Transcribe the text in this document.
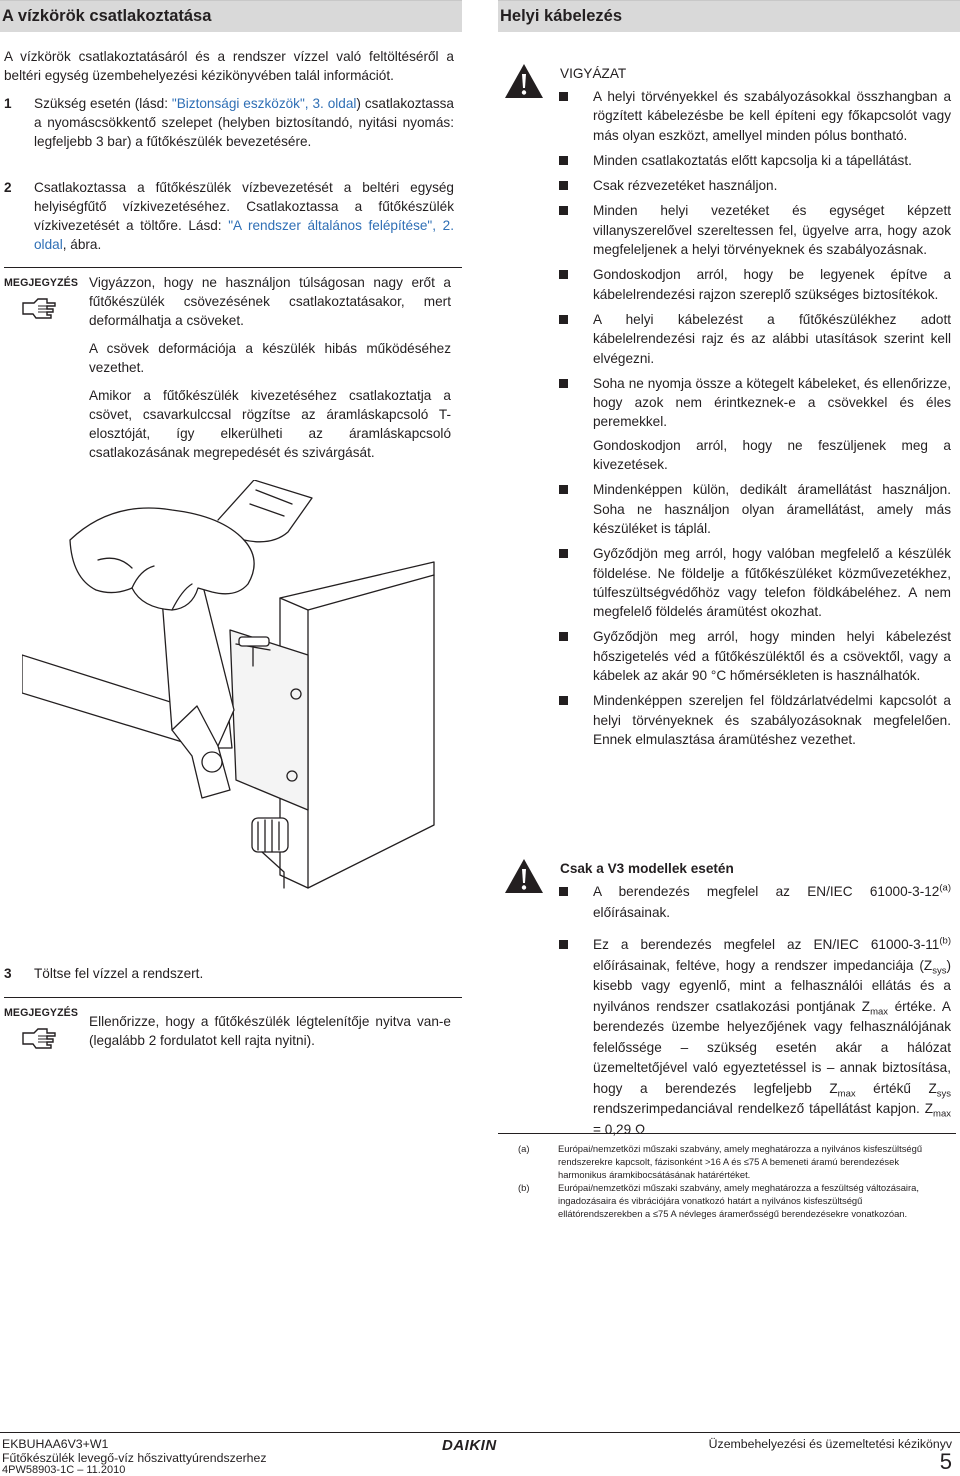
A vízkörök csatlakoztatása

A vízkörök csatlakoztatásáról és a rendszer vízzel való feltöltéséről a beltéri egység üzembehelyezési kézikönyvében talál információt.

1 Szükség esetén (lásd: "Biztonsági eszközök", 3. oldal) csatlakoztassa a nyomáscsökkentő szelepet (helyben biztosítandó, nyitási nyomás: legfeljebb 3 bar) a fűtőkészülék bevezetésére.
2 Csatlakoztassa a fűtőkészülék vízbevezetését a beltéri egység helyiségfűtő vízkivezetéséhez. Csatlakoztassa a fűtőkészülék vízkivezetését a töltőre. Lásd: "A rendszer általános felépítése", 2. oldal, ábra.
MEGJEGYZÉS Vigyázzon, hogy ne használjon túlságosan nagy erőt a fűtőkészülék csövezésének csatlakoztatásakor, mert deformálhatja a csöveket.

A csövek deformációja a készülék hibás működéséhez vezethet.

Amikor a fűtőkészülék kivezetéséhez csatlakoztatja a csövet, csavarkulccsal rögzítse az áramláskapcsoló T-elosztóját, így elkerülheti az áramláskapcsoló csatlakozásának megrepedését és szivárgását.

3 Töltse fel vízzel a rendszert.
MEGJEGYZÉS

Ellenőrizze, hogy a fűtőkészülék légtelenítője nyitva van-e (legalább 2 fordulatot kell rajta nyitni).

Helyi kábelezés
VIGYÁZAT
A helyi törvényekkel és szabályozásokkal összhangban a rögzített kábelezésbe be kell építeni egy főkapcsolót vagy más olyan eszközt, amellyel minden pólus bontható.
Minden csatlakoztatás előtt kapcsolja ki a tápellátást.
Csak rézvezetéket használjon.
Minden helyi vezetéket és egységet képzett villanyszerelővel szereltessen fel, ügyelve arra, hogy azok megfeleljenek a helyi törvényeknek és szabályozásnak.
Gondoskodjon arról, hogy be legyenek építve a kábelelrendezési rajzon szereplő szükséges biztosítékok.
A helyi kábelezést a fűtőkészülékhez adott kábelelrendezési rajz és az alábbi utasítások szerint kell elvégezni.
Soha ne nyomja össze a kötegelt kábeleket, és ellenőrizze, hogy azok nem érintkeznek-e a csövekkel és éles peremekkel.
Gondoskodjon arról, hogy ne feszüljenek meg a kivezetések.
Mindenképpen külön, dedikált áramellátást használjon. Soha ne használjon olyan áramellátást, amely más készüléket is táplál.
Győződjön meg arról, hogy valóban megfelelő a készülék földelése. Ne földelje a fűtőkészüléket közművezetékhez, túlfeszültségvédőhöz vagy telefon földkábeléhez. A nem megfelelő földelés áramütést okozhat.
Győződjön meg arról, hogy minden helyi kábelezést hőszigetelés véd a fűtőkészüléktől és a csövektől, vagy a kábelek az akár 90 °C hőmérsékleten is használhatók.
Mindenképpen szereljen fel földzárlatvédelmi kapcsolót a helyi törvényeknek és szabályozásoknak megfelelően. Ennek elmulasztása áramütéshez vezethet.
Csak a V3 modellek esetén
A berendezés megfelel az EN/IEC 61000-3-12$^{(a)}$ előírásainak.
Ez a berendezés megfelel az EN/IEC 61000-3-11$^{(b)}$ előírásainak, feltéve, hogy a rendszer impedanciája $(Z_{sys})$ kisebb vagy egyenlő, mint a felhasználói ellátás és a nyilvános rendszer csatlakozási pontjának $Z_{max}$ értéke. A berendezés üzembe helyezőjének vagy felhasználójának felelőssége – szükség esetén akár a hálózat üzemeltetőjével való egyeztetéssel is – annak biztosítása, hogy a berendezés legfeljebb $Z_{max}$ értékű $Z_{sys}$ rendszerimpedanciával rendelkező tápellátást kapjon. $Z_{max} = 0,29$ Ω
(a)	Európai/nemzetközi műszaki szabvány, amely meghatározza a nyilvános kisfeszültségű rendszerekre kapcsolt, fázisonként >16 A és ≤75 A bemeneti áramú berendezések harmonikus áramkibocsátásának határértéket.
(b)	Európai/nemzetközi műszaki szabvány, amely meghatározza a feszültség változásaira, ingadozásaira és vibrációjára vonatkozó határt a nyilvános kisfeszültségű ellátórendszerekben a ≤75 A névleges áramerősségű berendezésekre vonatkozóan.
EKBUHAA6V3+W1
Fűtőkészülék levegő-víz hőszivattyúrendszerhez
4PW58903-1C – 11.2010
DAIKIN	Üzembehelyezési és üzemeltetési kézikönyv
5
